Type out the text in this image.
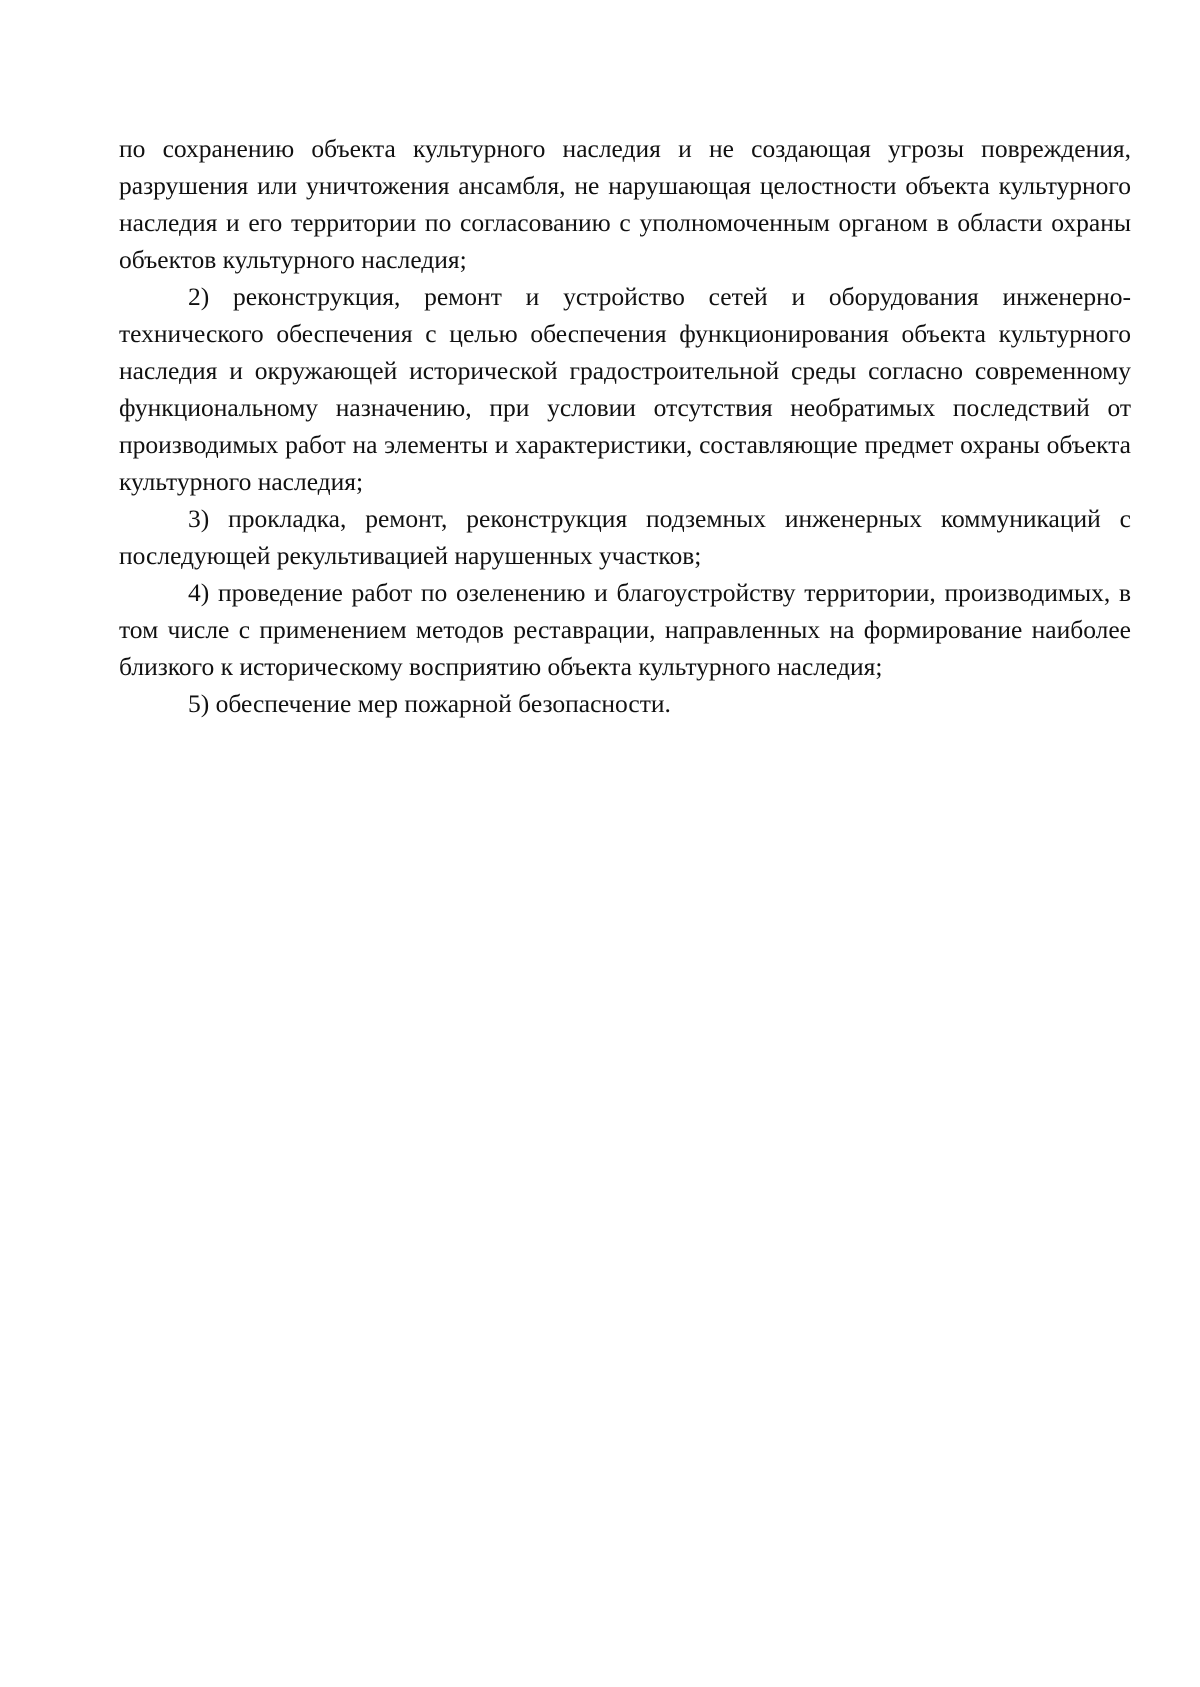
по сохранению объекта культурного наследия и не создающая угрозы повреждения, разрушения или уничтожения ансамбля, не нарушающая целостности объекта культурного наследия и его территории по согласованию с уполномоченным органом в области охраны объектов культурного наследия;

2) реконструкция, ремонт и устройство сетей и оборудования инженерно-технического обеспечения с целью обеспечения функционирования объекта культурного наследия и окружающей исторической градостроительной среды согласно современному функциональному назначению, при условии отсутствия необратимых последствий от производимых работ на элементы и характеристики, составляющие предмет охраны объекта культурного наследия;

3) прокладка, ремонт, реконструкция подземных инженерных коммуникаций с последующей рекультивацией нарушенных участков;

4) проведение работ по озеленению и благоустройству территории, производимых, в том числе с применением методов реставрации, направленных на формирование наиболее близкого к историческому восприятию объекта культурного наследия;

5) обеспечение мер пожарной безопасности.
